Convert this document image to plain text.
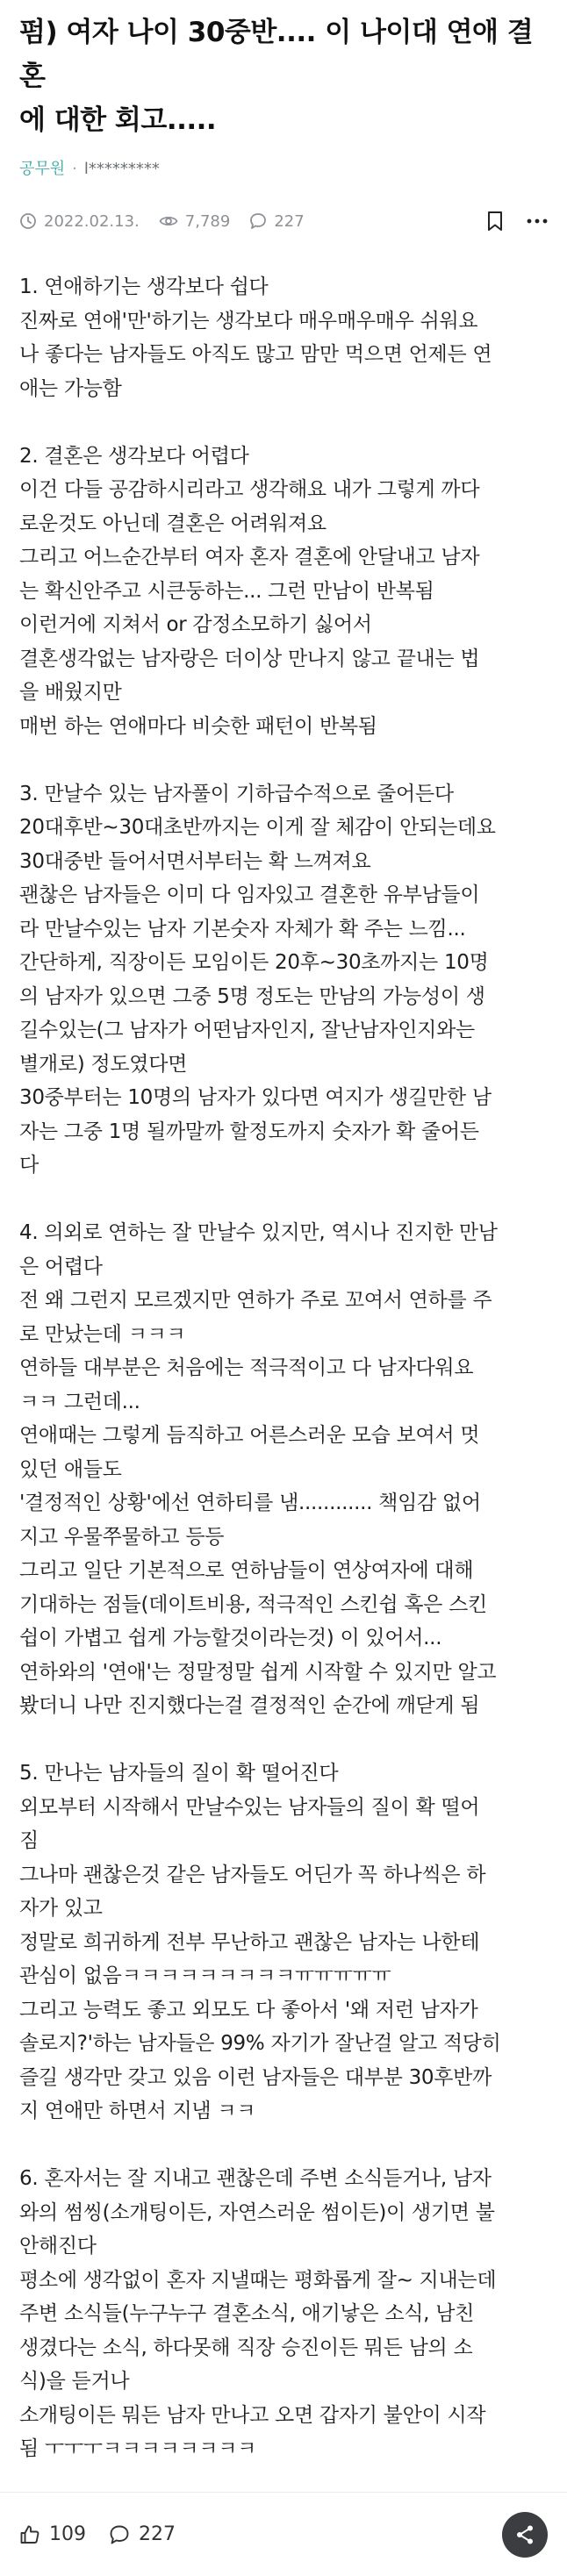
펌) 여자 나이 30중반.... 이 나이대 연애 결혼
에 대한 회고.....
공무원 · l*********
2022.02.13.	7,789	227

1. 연애하기는 생각보다 쉽다

진짜로 연애'만'하기는 생각보다 매우매우매우 쉬워요

나 좋다는 남자들도 아직도 많고 맘만 먹으면 언제든 연

애는 가능함

2. 결혼은 생각보다 어렵다

이건 다들 공감하시리라고 생각해요 내가 그렇게 까다

로운것도 아닌데 결혼은 어려워져요

그리고 어느순간부터 여자 혼자 결혼에 안달내고 남자

는 확신안주고 시큰둥하는... 그런 만남이 반복됨

이런거에 지쳐서 or 감정소모하기 싫어서

결혼생각없는 남자랑은 더이상 만나지 않고 끝내는 법

을 배웠지만

매번 하는 연애마다 비슷한 패턴이 반복됨

3. 만날수 있는 남자풀이 기하급수적으로 줄어든다

20대후반~30대초반까지는 이게 잘 체감이 안되는데요

30대중반 들어서면서부터는 확 느껴져요

괜찮은 남자들은 이미 다 임자있고 결혼한 유부남들이

라 만날수있는 남자 기본숫자 자체가 확 주는 느낌...

간단하게, 직장이든 모임이든 20후~30초까지는 10명

의 남자가 있으면 그중 5명 정도는 만남의 가능성이 생

길수있는(그 남자가 어떤남자인지, 잘난남자인지와는

별개로) 정도였다면

30중부터는 10명의 남자가 있다면 여지가 생길만한 남

자는 그중 1명 될까말까 할정도까지 숫자가 확 줄어든

다

4. 의외로 연하는 잘 만날수 있지만, 역시나 진지한 만남

은 어렵다

전 왜 그런지 모르겠지만 연하가 주로 꼬여서 연하를 주

로 만났는데 ㅋㅋㅋ

연하들 대부분은 처음에는 적극적이고 다 남자다워요

ㅋㅋ 그런데...

연애때는 그렇게 듬직하고 어른스러운 모습 보여서 멋

있던 애들도

'결정적인 상황'에선 연하티를 냄............ 책임감 없어

지고 우물쭈물하고 등등

그리고 일단 기본적으로 연하남들이 연상여자에 대해

기대하는 점들(데이트비용, 적극적인 스킨쉽 혹은 스킨

쉽이 가볍고 쉽게 가능할것이라는것) 이 있어서...

연하와의 '연애'는 정말정말 쉽게 시작할 수 있지만 알고

봤더니 나만 진지했다는걸 결정적인 순간에 깨닫게 됨

5. 만나는 남자들의 질이 확 떨어진다

외모부터 시작해서 만날수있는 남자들의 질이 확 떨어

짐

그나마 괜찮은것 같은 남자들도 어딘가 꼭 하나씩은 하

자가 있고

정말로 희귀하게 전부 무난하고 괜찮은 남자는 나한테

관심이 없음ㅋㅋㅋㅋㅋㅋㅋㅋㅋㅠㅠㅠㅠㅠ

그리고 능력도 좋고 외모도 다 좋아서 '왜 저런 남자가

솔로지?'하는 남자들은 99% 자기가 잘난걸 알고 적당히

즐길 생각만 갖고 있음 이런 남자들은 대부분 30후반까

지 연애만 하면서 지냄 ㅋㅋ

6. 혼자서는 잘 지내고 괜찮은데 주변 소식듣거나, 남자

와의 썸씽(소개팅이든, 자연스러운 썸이든)이 생기면 불

안해진다

평소에 생각없이 혼자 지낼때는 평화롭게 잘~ 지내는데

주변 소식들(누구누구 결혼소식, 애기낳은 소식, 남친

생겼다는 소식, 하다못해 직장 승진이든 뭐든 남의 소

식)을 듣거나

소개팅이든 뭐든 남자 만나고 오면 갑자기 불안이 시작

됨 ㅜㅜㅜㅋㅋㅋㅋㅋㅋㅋㅋ

109	227
